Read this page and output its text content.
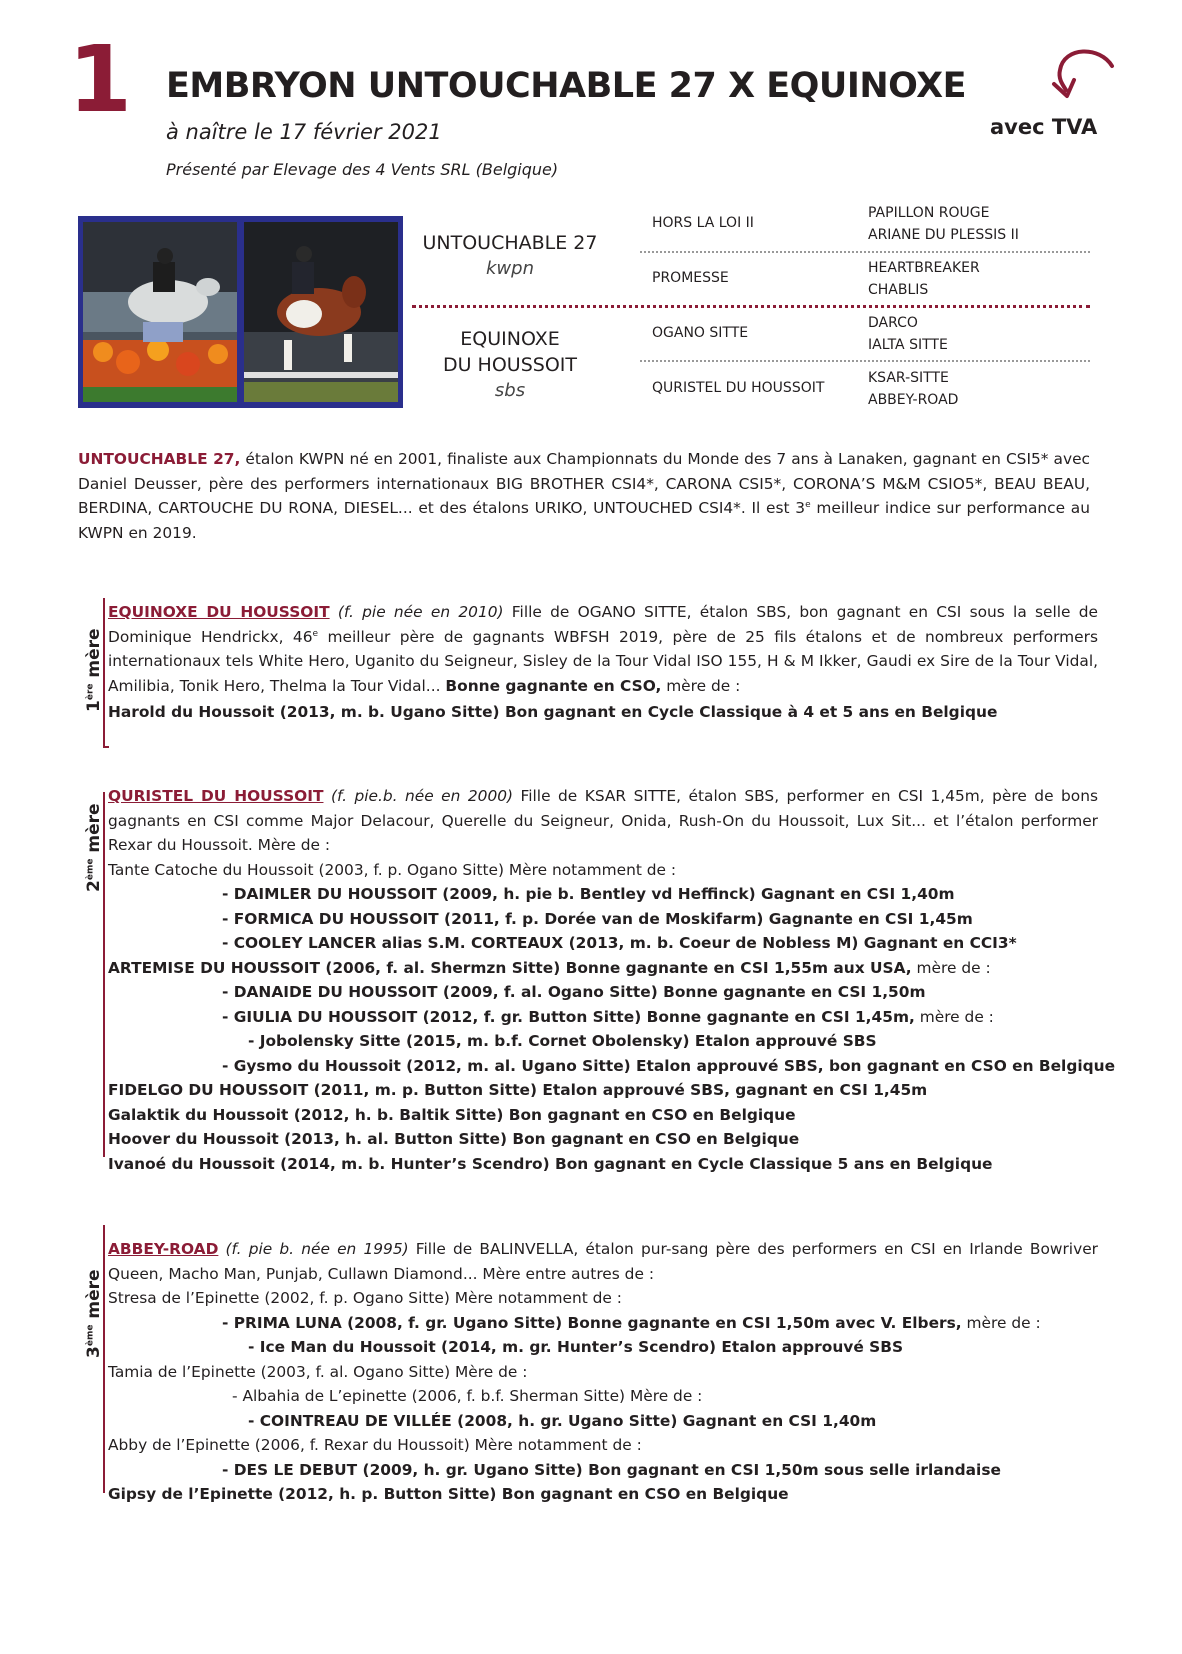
1 EMBRYON UNTOUCHABLE 27 X EQUINOXE
à naître le 17 février 2021
Présenté par Elevage des 4 Vents SRL (Belgique)
avec TVA
UNTOUCHABLE 27
kwpn
EQUINOXE
DU HOUSSOIT
sbs
HORS LA LOI II
PROMESSE
OGANO SITTE
QURISTEL DU HOUSSOIT
PAPILLON ROUGE
ARIANE DU PLESSIS II
HEARTBREAKER
CHABLIS
DARCO
IALTA SITTE
KSAR-SITTE
ABBEY-ROAD
UNTOUCHABLE 27, étalon KWPN né en 2001, finaliste aux Championnats du Monde des 7 ans à Lanaken, gagnant en CSI5* avec Daniel Deusser, père des performers internationaux BIG BROTHER CSI4*, CARONA CSI5*, CORONA’S M&M CSIO5*, BEAU BEAU, BERDINA, CARTOUCHE DU RONA, DIESEL... et des étalons URIKO, UNTOUCHED CSI4*. Il est 3e meilleur indice sur performance au KWPN en 2019.
1ère mère
EQUINOXE DU HOUSSOIT (f. pie née en 2010) Fille de OGANO SITTE, étalon SBS, bon gagnant en CSI sous la selle de Dominique Hendrickx, 46e meilleur père de gagnants WBFSH 2019, père de 25 fils étalons et de nombreux performers internationaux tels White Hero, Uganito du Seigneur, Sisley de la Tour Vidal ISO 155, H & M Ikker, Gaudi ex Sire de la Tour Vidal, Amilibia, Tonik Hero, Thelma la Tour Vidal... Bonne gagnante en CSO, mère de :
Harold du Houssoit (2013, m. b. Ugano Sitte) Bon gagnant en Cycle Classique à 4 et 5 ans en Belgique
2ème mère
QURISTEL DU HOUSSOIT (f. pie.b. née en 2000) Fille de KSAR SITTE, étalon SBS, performer en CSI 1,45m, père de bons gagnants en CSI comme Major Delacour, Querelle du Seigneur, Onida, Rush-On du Houssoit, Lux Sit... et l’étalon performer Rexar du Houssoit. Mère de :
Tante Catoche du Houssoit (2003, f. p. Ogano Sitte) Mère notamment de :
- DAIMLER DU HOUSSOIT (2009, h. pie b. Bentley vd Heffinck) Gagnant en CSI 1,40m
- FORMICA DU HOUSSOIT (2011, f. p. Dorée van de Moskifarm) Gagnante en CSI 1,45m
- COOLEY LANCER alias S.M. CORTEAUX (2013, m. b. Coeur de Nobless M) Gagnant en CCI3*
ARTEMISE DU HOUSSOIT (2006, f. al. Shermzn Sitte) Bonne gagnante en CSI 1,55m aux USA, mère de :
- DANAIDE DU HOUSSOIT (2009, f. al. Ogano Sitte) Bonne gagnante en CSI 1,50m
- GIULIA DU HOUSSOIT (2012, f. gr. Button Sitte) Bonne gagnante en CSI 1,45m, mère de :
- Jobolensky Sitte (2015, m. b.f. Cornet Obolensky) Etalon approuvé SBS
- Gysmo du Houssoit (2012, m. al. Ugano Sitte) Etalon approuvé SBS, bon gagnant en CSO en Belgique
FIDELGO DU HOUSSOIT (2011, m. p. Button Sitte) Etalon approuvé SBS, gagnant en CSI 1,45m
Galaktik du Houssoit (2012, h. b. Baltik Sitte) Bon gagnant en CSO en Belgique
Hoover du Houssoit (2013, h. al. Button Sitte) Bon gagnant en CSO en Belgique
Ivanoé du Houssoit (2014, m. b. Hunter’s Scendro) Bon gagnant en Cycle Classique 5 ans en Belgique
3ème mère
ABBEY-ROAD (f. pie b. née en 1995) Fille de BALINVELLA, étalon pur-sang père des performers en CSI en Irlande Bowriver Queen, Macho Man, Punjab, Cullawn Diamond... Mère entre autres de :
Stresa de l’Epinette (2002, f. p. Ogano Sitte) Mère notamment de :
- PRIMA LUNA (2008, f. gr. Ugano Sitte) Bonne gagnante en CSI 1,50m avec V. Elbers, mère de :
- Ice Man du Houssoit (2014, m. gr. Hunter’s Scendro) Etalon approuvé SBS
Tamia de l’Epinette (2003, f. al. Ogano Sitte) Mère de :
- Albahia de L’epinette (2006, f. b.f. Sherman Sitte) Mère de :
- COINTREAU DE VILLÉE (2008, h. gr. Ugano Sitte) Gagnant en CSI 1,40m
Abby de l’Epinette (2006, f. Rexar du Houssoit) Mère notamment de :
- DES LE DEBUT (2009, h. gr. Ugano Sitte) Bon gagnant en CSI 1,50m sous selle irlandaise
Gipsy de l’Epinette (2012, h. p. Button Sitte) Bon gagnant en CSO en Belgique
